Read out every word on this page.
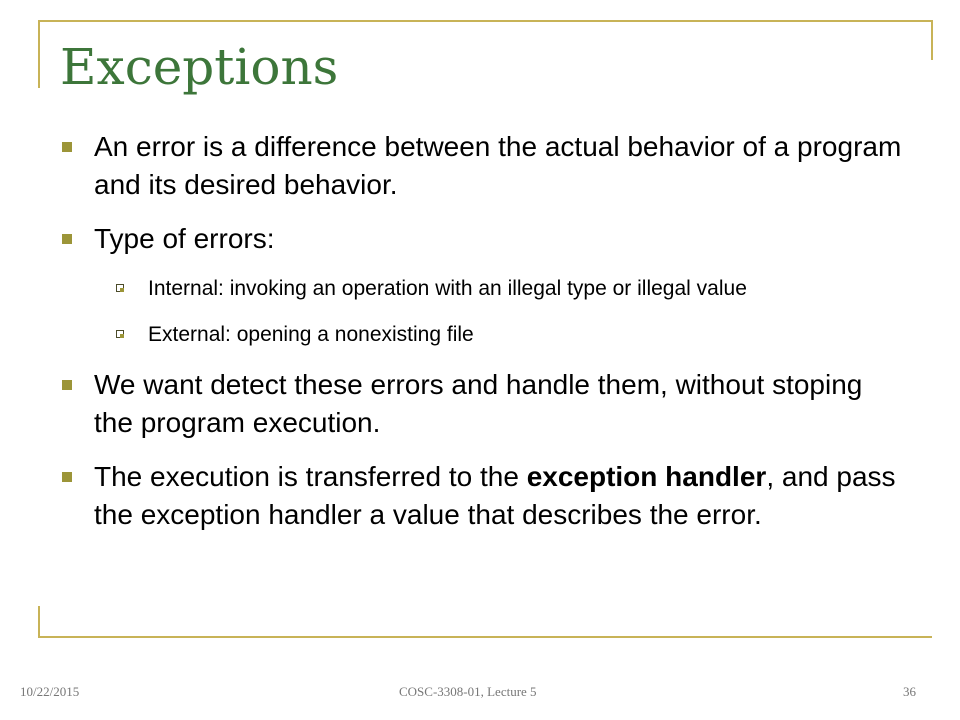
Exceptions
An error is a difference between the actual behavior of a program and its desired behavior.
Type of errors:
Internal: invoking an operation with an illegal type or illegal value
External: opening a nonexisting file
We want detect these errors and handle them, without stoping the program execution.
The execution is transferred to the exception handler, and pass the exception handler a value that describes the error.
10/22/2015	COSC-3308-01, Lecture 5	36
